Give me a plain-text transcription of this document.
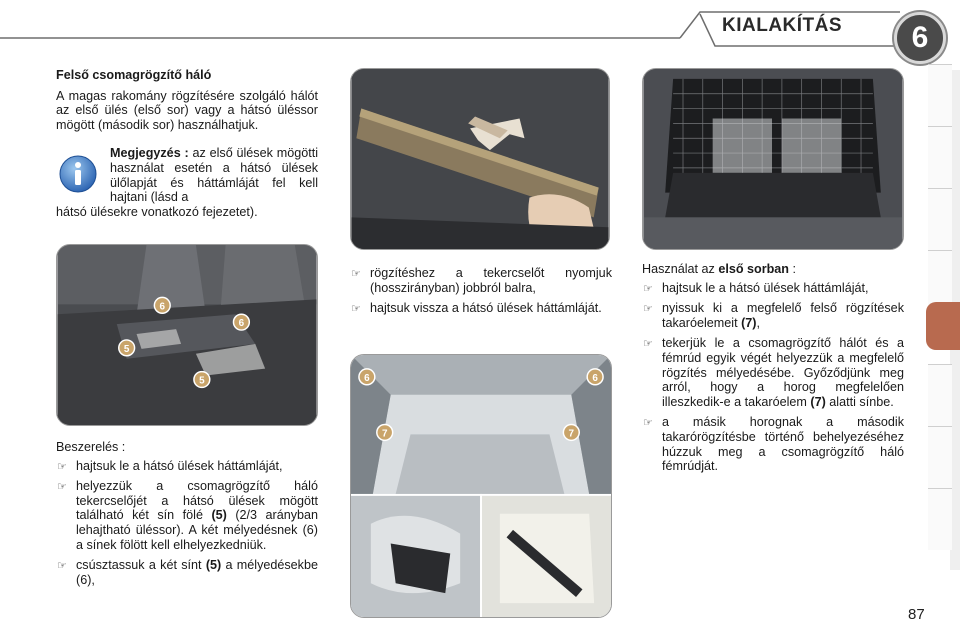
KIALAKÍTÁS	6
Felső csomagrögzítő háló

A magas rakomány rögzítésére szolgáló hálót az első ülés (első sor) vagy a hátsó üléssor mögött (második sor) használhatjuk.

Megjegyzés : az első ülések mögötti használat esetén a hátsó ülések ülőlapját és háttámláját fel kell hajtani (lásd a
hátsó ülésekre vonatkozó fejezetet).
6
6
5
5
Beszerelés :
☞ hajtsuk le a hátsó ülések háttámláját,
☞ helyezzük a csomagrögzítő háló tekercselőjét a hátsó ülések mögött található két sín fölé (5) (2/3 arányban lehajtható üléssor). A két mélyedésnek (6) a sínek fölött kell elhelyezkedniük.
☞ csúsztassuk a két sínt (5) a mélyedésekbe (6),
☞ rögzítéshez a tekercselőt nyomjuk (hosszirányban) jobbról balra,
☞ hajtsuk vissza a hátsó ülések háttámláját.
6	6
7	7
Használat az első sorban :
☞ hajtsuk le a hátsó ülések háttámláját,
☞ nyissuk ki a megfelelő felső rögzítések takaróelemeit (7),
☞ tekerjük le a csomagrögzítő hálót és a fémrúd egyik végét helyezzük a megfelelő rögzítés mélyedésébe. Győződjünk meg arról, hogy a horog megfelelően illeszkedik-e a takaróelem (7) alatti sínbe.
☞ a másik horognak a második takarórögzítésbe történő behelyezéséhez húzzuk meg a csomagrögzítő háló fémrúdját.
87
